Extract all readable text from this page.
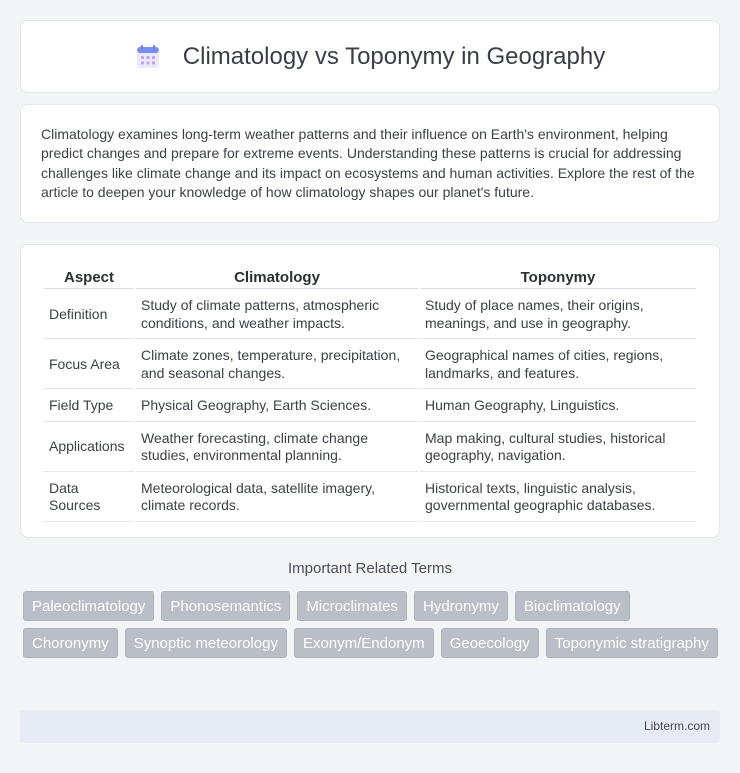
Climatology vs Toponymy in Geography

Climatology examines long-term weather patterns and their influence on Earth's environment, helping predict changes and prepare for extreme events. Understanding these patterns is crucial for addressing challenges like climate change and its impact on ecosystems and human activities. Explore the rest of the article to deepen your knowledge of how climatology shapes our planet's future.

Aspect	Climatology	Toponymy
Definition	Study of climate patterns, atmospheric conditions, and weather impacts.	Study of place names, their origins, meanings, and use in geography.
Focus Area	Climate zones, temperature, precipitation, and seasonal changes.	Geographical names of cities, regions, landmarks, and features.
Field Type	Physical Geography, Earth Sciences.	Human Geography, Linguistics.
Applications	Weather forecasting, climate change studies, environmental planning.	Map making, cultural studies, historical geography, navigation.
Data Sources	Meteorological data, satellite imagery, climate records.	Historical texts, linguistic analysis, governmental geographic databases.
Important Related Terms
Paleoclimatology	Phonosemantics	Microclimates	Hydronymy	Bioclimatology
Choronymy	Synoptic meteorology	Exonym/Endonym	Geoecology	Toponymic stratigraphy
Libterm.com
